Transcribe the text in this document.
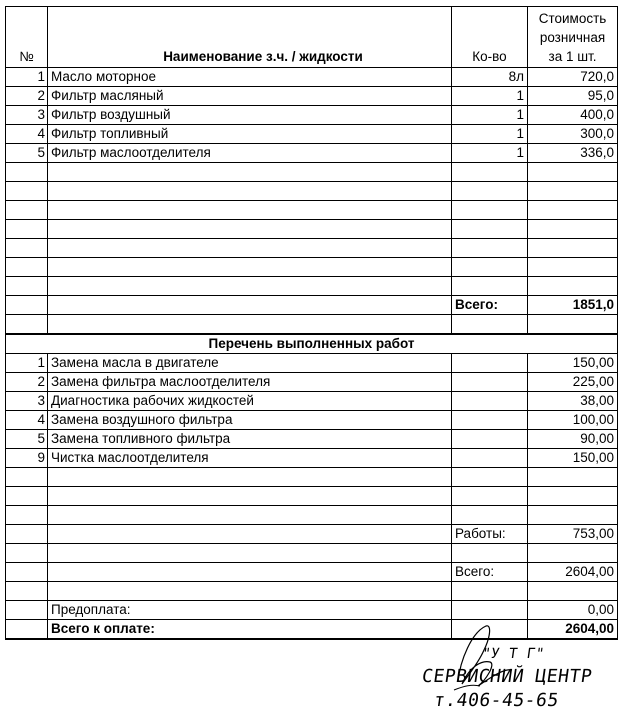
№	Наименование з.ч. / жидкости	Ко-во	Стоимость
розничная
за 1 шт.

1	Масло моторное	8л	720,0
2	Фильтр масляный	1	95,0
3	Фильтр воздушный	1	400,0
4	Фильтр топливный	1	300,0
5	Фильтр маслоотделителя	1	336,0

		Всего:	1851,0

Перечень выполненных работ			
1	Замена масла в двигателе		150,00
2	Замена фильтра маслоотделителя		225,00
3	Диагностика рабочих жидкостей		38,00
4	Замена воздушного фильтра		100,00
5	Замена топливного фильтра		90,00
9	Чистка маслоотделителя		150,00

		Работы:	753,00

		Всего:	2604,00

	Предоплата:		0,00
	Всего к оплате:		2604,00
"У Т Г"
СЕРВИСНИЙ ЦЕНТР
т.406-45-65
